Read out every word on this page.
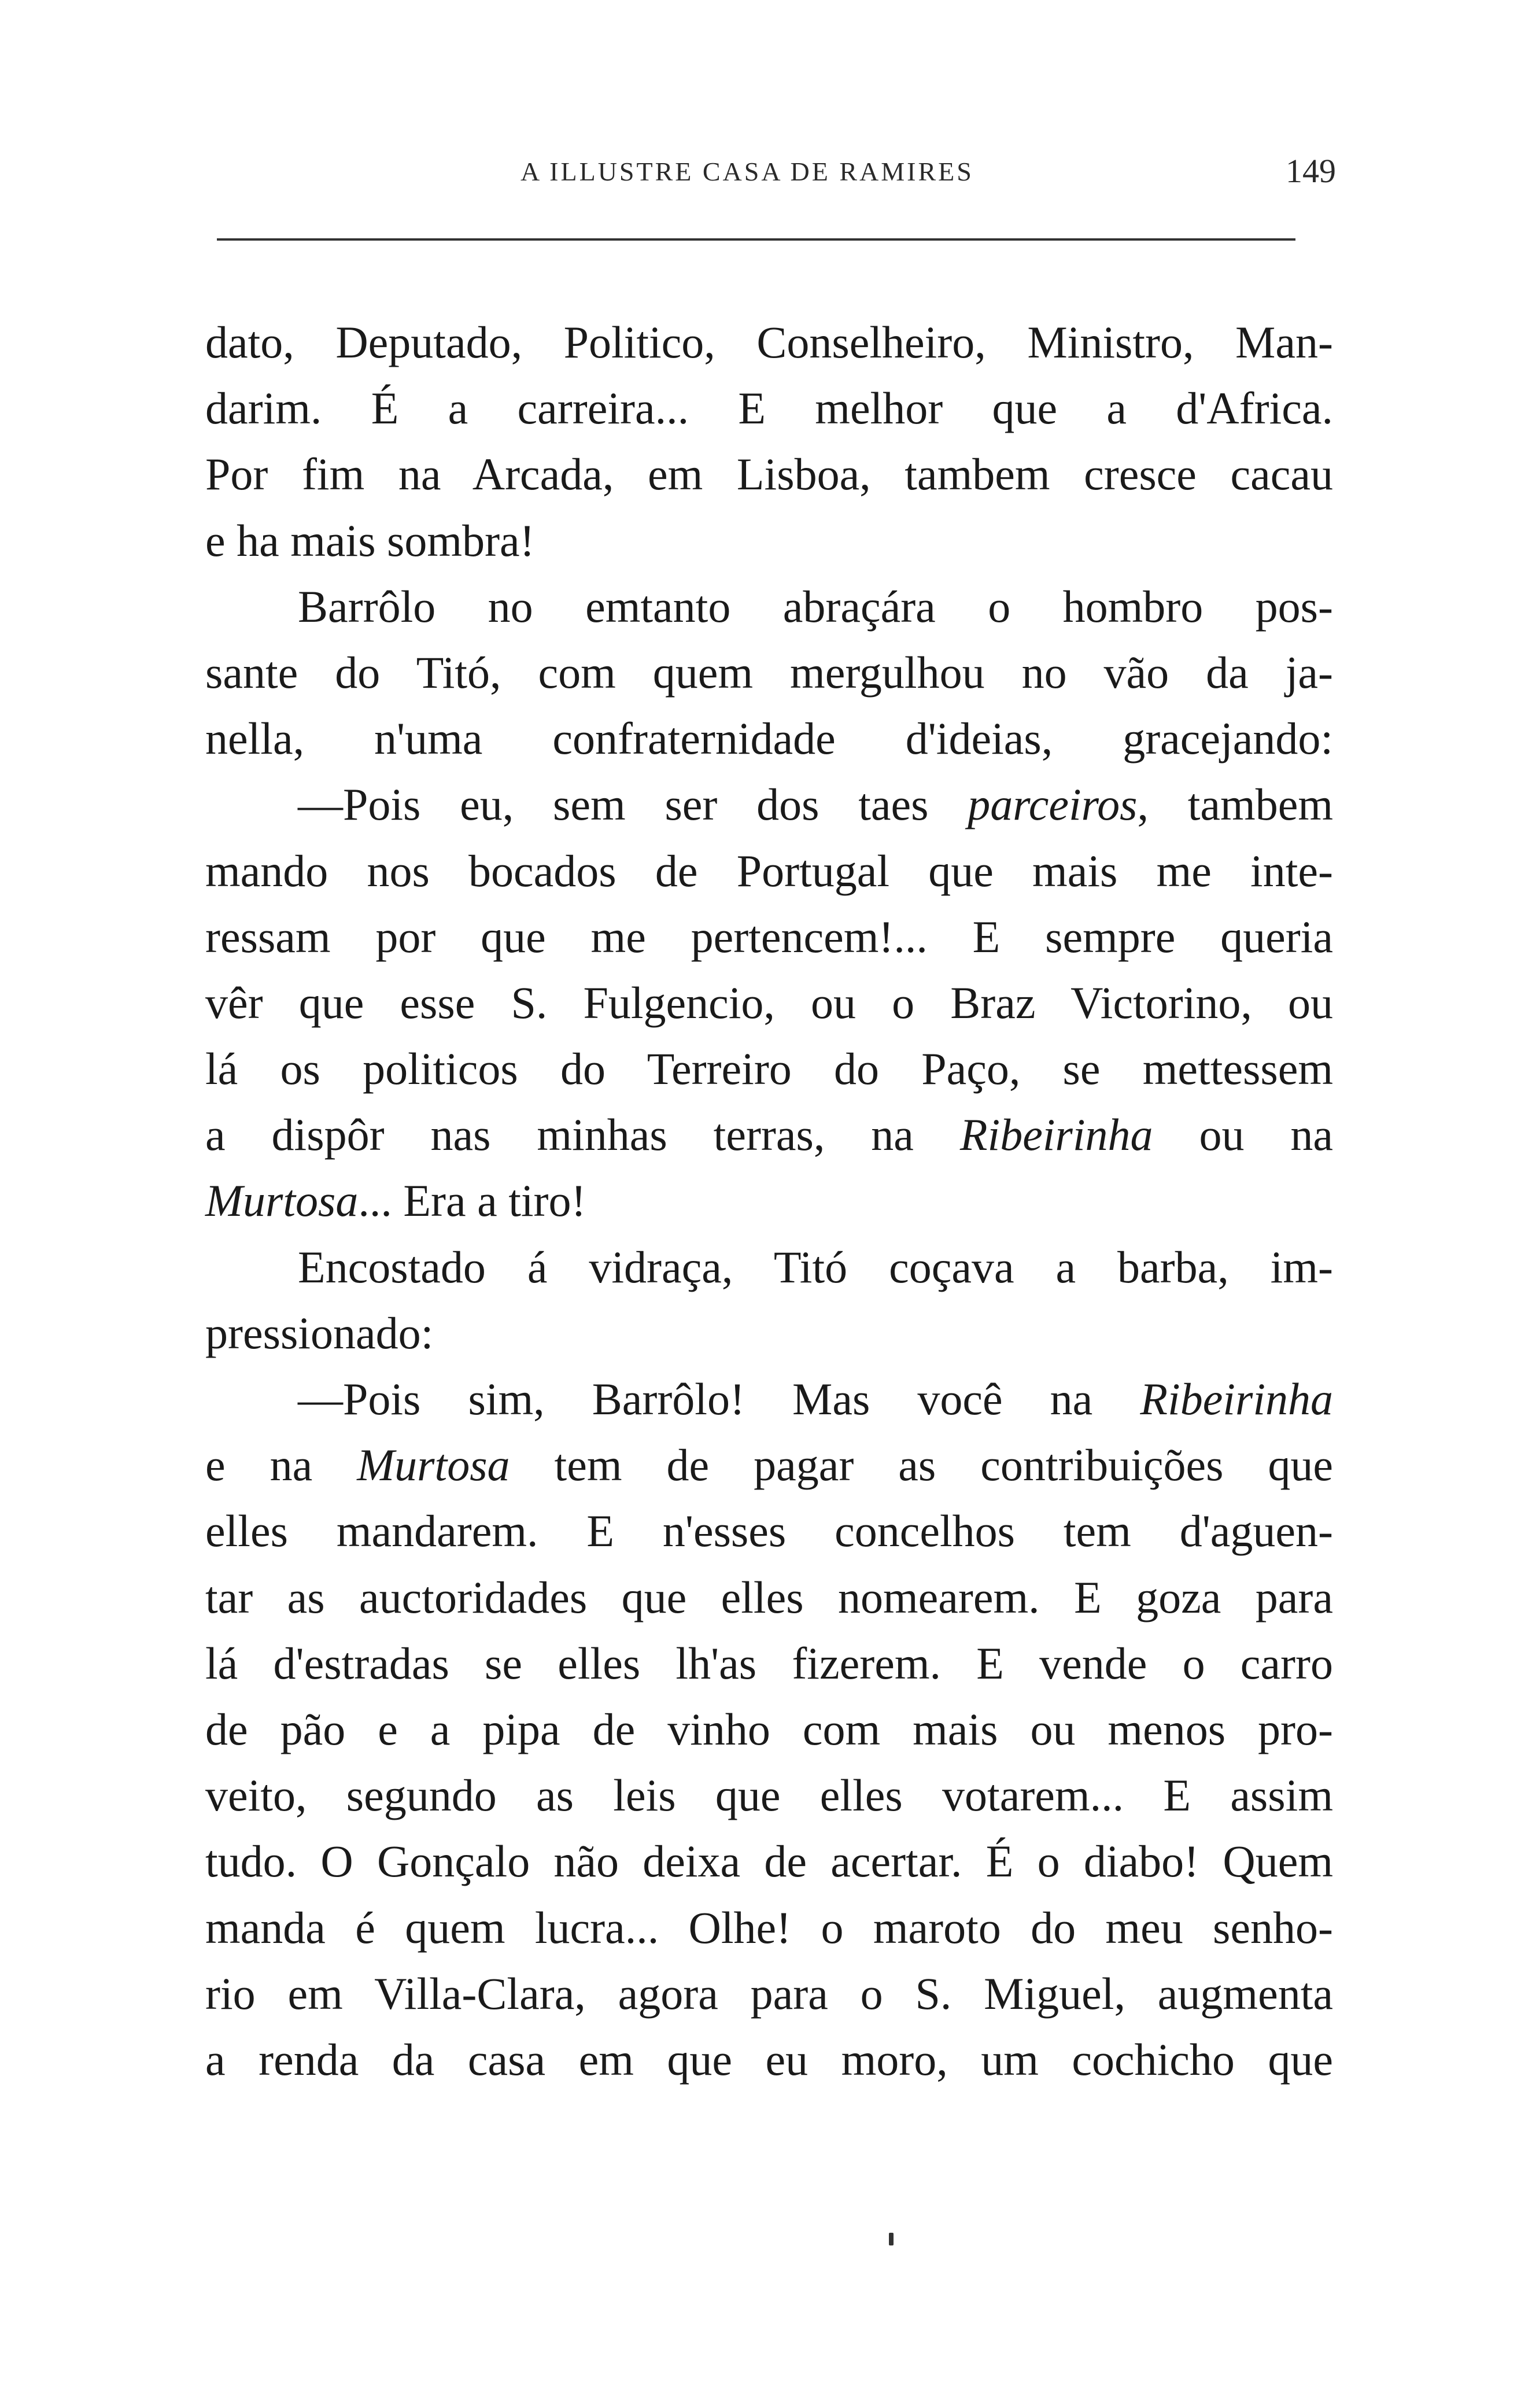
A ILLUSTRE CASA DE RAMIRES	149
dato, Deputado, Politico, Conselheiro, Ministro, Man-
darim. É a carreira... E melhor que a d'Africa.
Por fim na Arcada, em Lisboa, tambem cresce cacau
e ha mais sombra!
Barrôlo no emtanto abraçára o hombro pos-
sante do Titó, com quem mergulhou no vão da ja-
nella, n'uma confraternidade d'ideias, gracejando:
—Pois eu, sem ser dos taes parceiros, tambem
mando nos bocados de Portugal que mais me inte-
ressam por que me pertencem!... E sempre queria
vêr que esse S. Fulgencio, ou o Braz Victorino, ou
lá os politicos do Terreiro do Paço, se mettessem
a dispôr nas minhas terras, na Ribeirinha ou na
Murtosa... Era a tiro!
Encostado á vidraça, Titó coçava a barba, im-
pressionado:
—Pois sim, Barrôlo! Mas você na Ribeirinha
e na Murtosa tem de pagar as contribuições que
elles mandarem. E n'esses concelhos tem d'aguen-
tar as auctoridades que elles nomearem. E goza para
lá d'estradas se elles lh'as fizerem. E vende o carro
de pão e a pipa de vinho com mais ou menos pro-
veito, segundo as leis que elles votarem... E assim
tudo. O Gonçalo não deixa de acertar. É o diabo! Quem
manda é quem lucra... Olhe! o maroto do meu senho-
rio em Villa-Clara, agora para o S. Miguel, augmenta
a renda da casa em que eu moro, um cochicho que
